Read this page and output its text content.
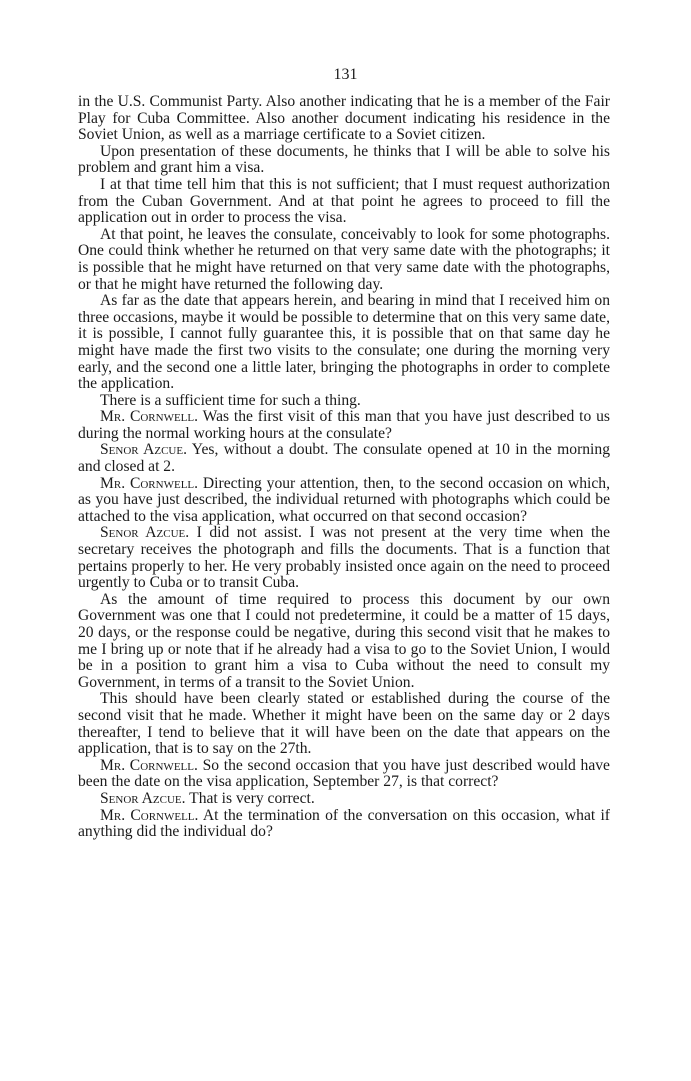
131

in the U.S. Communist Party. Also another indicating that he is a member of the Fair Play for Cuba Committee. Also another document indicating his residence in the Soviet Union, as well as a marriage certificate to a Soviet citizen.

Upon presentation of these documents, he thinks that I will be able to solve his problem and grant him a visa.

I at that time tell him that this is not sufficient; that I must request authorization from the Cuban Government. And at that point he agrees to proceed to fill the application out in order to process the visa.

At that point, he leaves the consulate, conceivably to look for some photographs. One could think whether he returned on that very same date with the photographs; it is possible that he might have returned on that very same date with the photographs, or that he might have returned the following day.

As far as the date that appears herein, and bearing in mind that I received him on three occasions, maybe it would be possible to determine that on this very same date, it is possible, I cannot fully guarantee this, it is possible that on that same day he might have made the first two visits to the consulate; one during the morning very early, and the second one a little later, bringing the photographs in order to complete the application.

There is a sufficient time for such a thing.

Mr. Cornwell. Was the first visit of this man that you have just described to us during the normal working hours at the consulate?

Senor Azcue. Yes, without a doubt. The consulate opened at 10 in the morning and closed at 2.

Mr. Cornwell. Directing your attention, then, to the second occasion on which, as you have just described, the individual returned with photographs which could be attached to the visa application, what occurred on that second occasion?

Senor Azcue. I did not assist. I was not present at the very time when the secretary receives the photograph and fills the documents. That is a function that pertains properly to her. He very probably insisted once again on the need to proceed urgently to Cuba or to transit Cuba.

As the amount of time required to process this document by our own Government was one that I could not predetermine, it could be a matter of 15 days, 20 days, or the response could be negative, during this second visit that he makes to me I bring up or note that if he already had a visa to go to the Soviet Union, I would be in a position to grant him a visa to Cuba without the need to consult my Government, in terms of a transit to the Soviet Union.

This should have been clearly stated or established during the course of the second visit that he made. Whether it might have been on the same day or 2 days thereafter, I tend to believe that it will have been on the date that appears on the application, that is to say on the 27th.

Mr. Cornwell. So the second occasion that you have just described would have been the date on the visa application, September 27, is that correct?

Senor Azcue. That is very correct.

Mr. Cornwell. At the termination of the conversation on this occasion, what if anything did the individual do?
